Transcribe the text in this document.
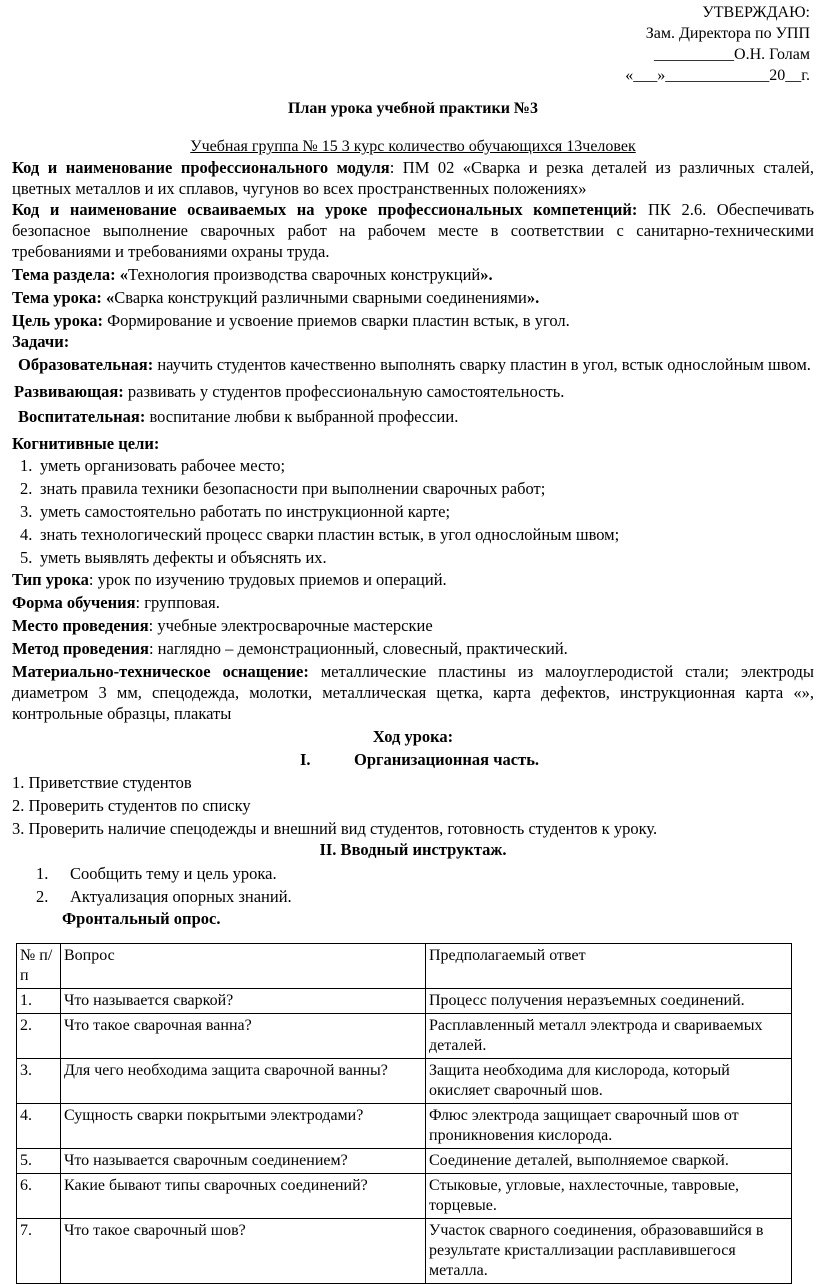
УТВЕРЖДАЮ:
Зам. Директора по УПП
__________О.Н. Голам
«___»_____________20__г.
План урока учебной практики №3
Учебная группа № 15 3 курс количество обучающихся 13человек

Код и наименование профессионального модуля: ПМ 02 «Сварка и резка деталей из различных сталей, цветных металлов и их сплавов, чугунов во всех пространственных положениях»

Код и наименование осваиваемых на уроке профессиональных компетенций: ПК 2.6. Обеспечивать безопасное выполнение сварочных работ на рабочем месте в соответствии с санитарно-техническими требованиями и требованиями охраны труда.

Тема раздела: «Технология производства сварочных конструкций».

Тема урока: «Сварка конструкций различными сварными соединениями».

Цель урока: Формирование и усвоение приемов сварки пластин встык, в угол.

Задачи:

Образовательная: научить студентов качественно выполнять сварку пластин в угол, встык однослойным швом.

Развивающая: развивать у студентов профессиональную самостоятельность.

Воспитательная: воспитание любви к выбранной профессии.

Когнитивные цели:

1. уметь организовать рабочее место;
2. знать правила техники безопасности при выполнении сварочных работ;
3. уметь самостоятельно работать по инструкционной карте;
4. знать технологический процесс сварки пластин встык, в угол однослойным швом;
5. уметь выявлять дефекты и объяснять их.

Тип урока: урок по изучению трудовых приемов и операций.

Форма обучения: групповая.

Место проведения: учебные электросварочные мастерские

Метод проведения: наглядно – демонстрационный, словесный, практический.

Материально-техническое оснащение: металлические пластины из малоуглеродистой стали; электроды диаметром 3 мм, спецодежда, молотки, металлическая щетка, карта дефектов, инструкционная карта «», контрольные образцы, плакаты

Ход урока:

I.	Организационная часть.

1. Приветствие студентов

2. Проверить студентов по списку

3. Проверить наличие спецодежды и внешний вид студентов, готовность студентов к уроку.

II. Вводный инструктаж.

1. Сообщить тему и цель урока.
2. Актуализация опорных знаний.

Фронтальный опрос.

№ п/п	Вопрос	Предполагаемый ответ
1.	Что называется сваркой?	Процесс получения неразъемных соединений.
2.	Что такое сварочная ванна?	Расплавленный металл электрода и свариваемых деталей.
3.	Для чего необходима защита сварочной ванны?	Защита необходима для кислорода, который окисляет сварочный шов.
4.	Сущность сварки покрытыми электродами?	Флюс электрода защищает сварочный шов от проникновения кислорода.
5.	Что называется сварочным соединением?	Соединение деталей, выполняемое сваркой.
6.	Какие бывают типы сварочных соединений?	Стыковые, угловые, нахлесточные, тавровые, торцевые.
7.	Что такое сварочный шов?	Участок сварного соединения, образовавшийся в результате кристаллизации расплавившегося металла.
